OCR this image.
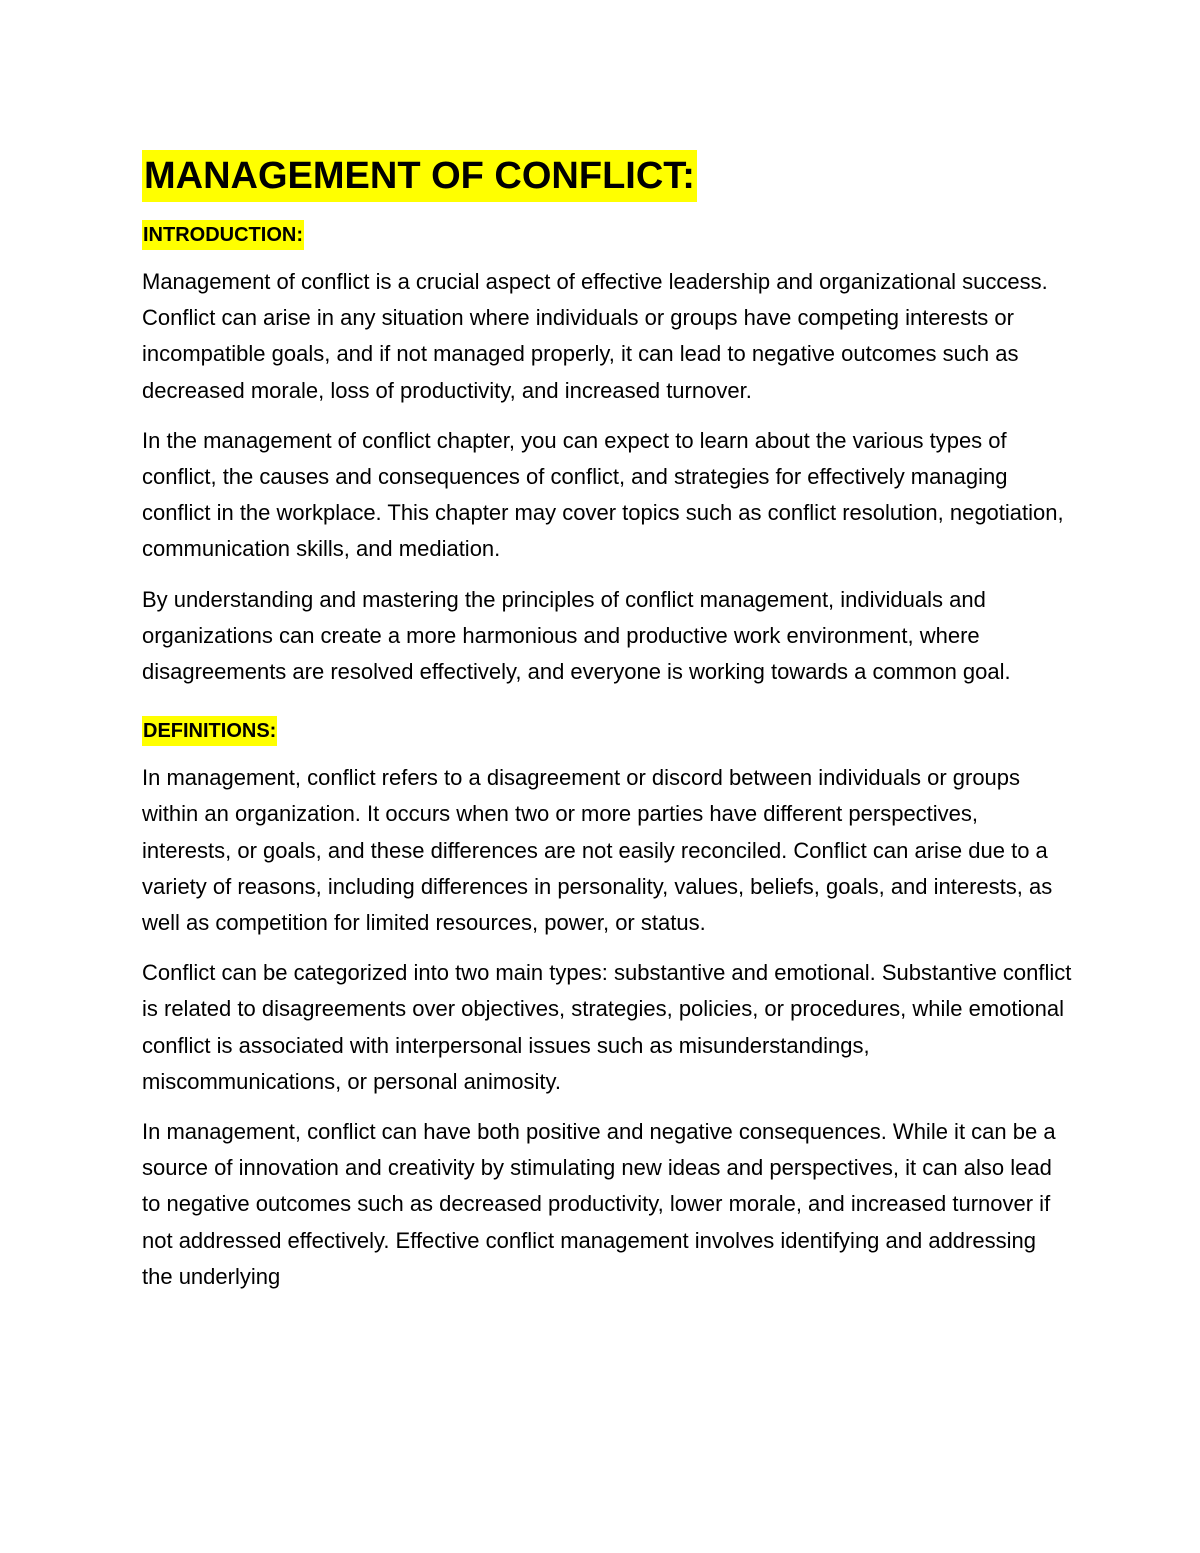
MANAGEMENT OF CONFLICT:
INTRODUCTION:

Management of conflict is a crucial aspect of effective leadership and organizational success. Conflict can arise in any situation where individuals or groups have competing interests or incompatible goals, and if not managed properly, it can lead to negative outcomes such as decreased morale, loss of productivity, and increased turnover.

In the management of conflict chapter, you can expect to learn about the various types of conflict, the causes and consequences of conflict, and strategies for effectively managing conflict in the workplace. This chapter may cover topics such as conflict resolution, negotiation, communication skills, and mediation.

By understanding and mastering the principles of conflict management, individuals and organizations can create a more harmonious and productive work environment, where disagreements are resolved effectively, and everyone is working towards a common goal.

DEFINITIONS:

In management, conflict refers to a disagreement or discord between individuals or groups within an organization. It occurs when two or more parties have different perspectives, interests, or goals, and these differences are not easily reconciled. Conflict can arise due to a variety of reasons, including differences in personality, values, beliefs, goals, and interests, as well as competition for limited resources, power, or status.

Conflict can be categorized into two main types: substantive and emotional. Substantive conflict is related to disagreements over objectives, strategies, policies, or procedures, while emotional conflict is associated with interpersonal issues such as misunderstandings, miscommunications, or personal animosity.

In management, conflict can have both positive and negative consequences. While it can be a source of innovation and creativity by stimulating new ideas and perspectives, it can also lead to negative outcomes such as decreased productivity, lower morale, and increased turnover if not addressed effectively. Effective conflict management involves identifying and addressing the underlying
